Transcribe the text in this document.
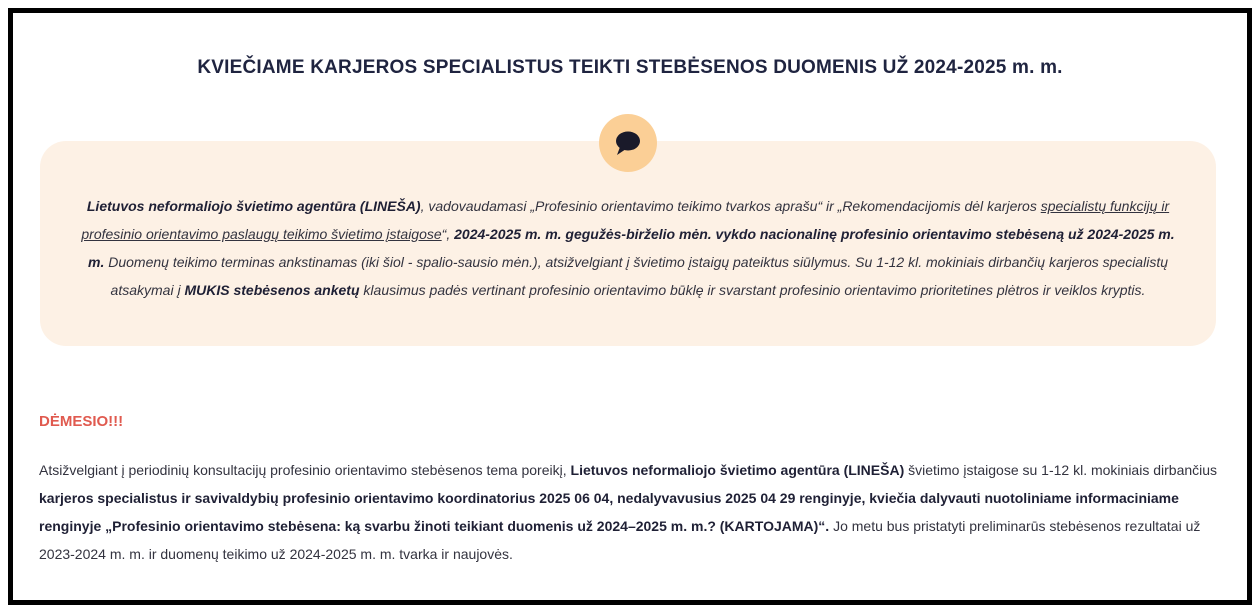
KVIEČIAME KARJEROS SPECIALISTUS TEIKTI STEBĖSENOS DUOMENIS UŽ 2024-2025 m. m.
Lietuvos neformaliojo švietimo agentūra (LINEŠA), vadovaudamasi „Profesinio orientavimo teikimo tvarkos aprašu“ ir „Rekomendacijomis dėl karjeros specialistų funkcijų ir profesinio orientavimo paslaugų teikimo švietimo įstaigose“, 2024-2025 m. m. gegužės-birželio mėn. vykdo nacionalinę profesinio orientavimo stebėseną už 2024-2025 m. m. Duomenų teikimo terminas ankstinamas (iki šiol - spalio-sausio mėn.), atsižvelgiant į švietimo įstaigų pateiktus siūlymus. Su 1-12 kl. mokiniais dirbančių karjeros specialistų atsakymai į MUKIS stebėsenos anketų klausimus padės vertinant profesinio orientavimo būklę ir svarstant profesinio orientavimo prioritetines plėtros ir veiklos kryptis.
DĖMESIO!!!
Atsižvelgiant į periodinių konsultacijų profesinio orientavimo stebėsenos tema poreikį, Lietuvos neformaliojo švietimo agentūra (LINEŠA) švietimo įstaigose su 1-12 kl. mokiniais dirbančius karjeros specialistus ir savivaldybių profesinio orientavimo koordinatorius 2025 06 04, nedalyvavusius 2025 04 29 renginyje, kviečia dalyvauti nuotoliniame informaciniame renginyje „Profesinio orientavimo stebėsena: ką svarbu žinoti teikiant duomenis už 2024–2025 m. m.? (KARTOJAMA)“. Jo metu bus pristatyti preliminarūs stebėsenos rezultatai už 2023-2024 m. m. ir duomenų teikimo už 2024-2025 m. m. tvarka ir naujovės.
